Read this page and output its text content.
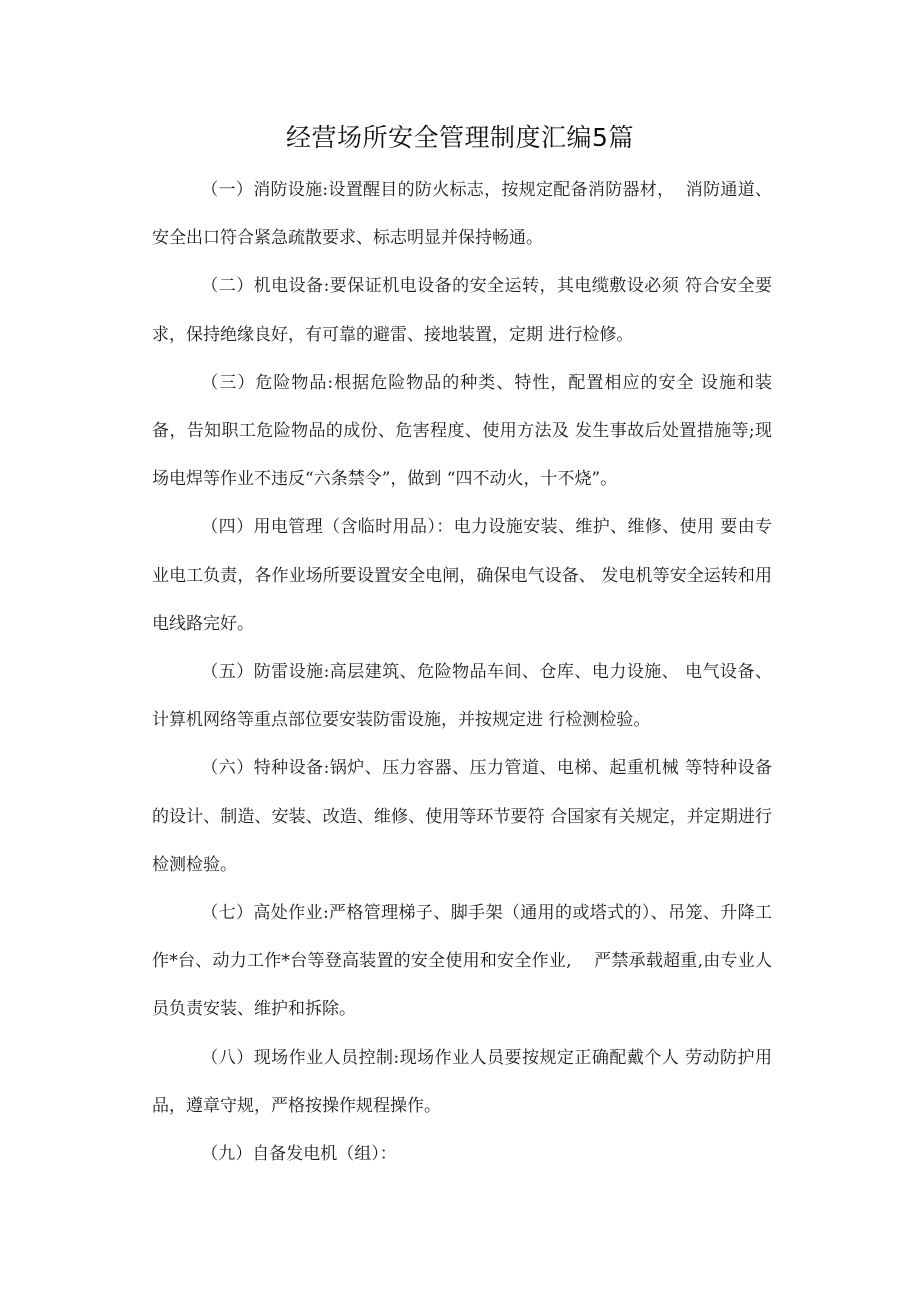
经营场所安全管理制度汇编5篇

（一）消防设施:设置醒目的防火标志，按规定配备消防器材，  消防通道、安全出口符合紧急疏散要求、标志明显并保持畅通。

（二）机电设备:要保证机电设备的安全运转，其电缆敷设必须 符合安全要求，保持绝缘良好，有可靠的避雷、接地装置，定期 进行检修。

（三）危险物品:根据危险物品的种类、特性，配置相应的安全 设施和装备，告知职工危险物品的成份、危害程度、使用方法及 发生事故后处置措施等;现场电焊等作业不违反“六条禁令”，做到 “四不动火，十不烧”。

（四）用电管理（含临时用品）：电力设施安装、维护、维修、使用 要由专业电工负责，各作业场所要设置安全电闸，确保电气设备、 发电机等安全运转和用电线路完好。

（五）防雷设施:高层建筑、危险物品车间、仓库、电力设施、 电气设备、计算机网络等重点部位要安装防雷设施，并按规定进 行检测检验。

（六）特种设备:锅炉、压力容器、压力管道、电梯、起重机械 等特种设备的设计、制造、安装、改造、维修、使用等环节要符 合国家有关规定，并定期进行检测检验。

（七）高处作业:严格管理梯子、脚手架（通用的或塔式的）、吊笼、升降工作*台、动力工作*台等登高装置的安全使用和安全作业,    严禁承载超重,由专业人员负责安装、维护和拆除。

（八）现场作业人员控制:现场作业人员要按规定正确配戴个人 劳动防护用品，遵章守规，严格按操作规程操作。

（九）自备发电机（组）：
